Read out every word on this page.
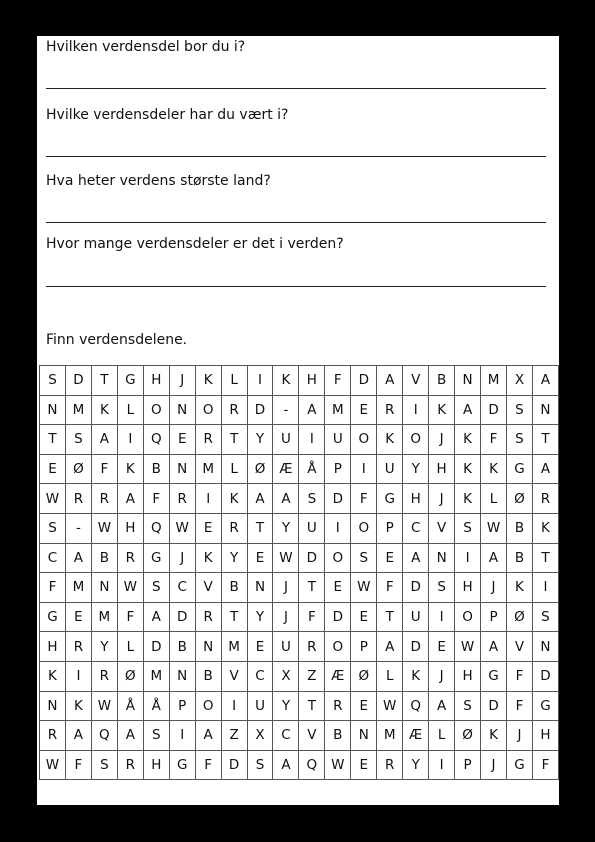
Hvilken verdensdel bor du i?
Hvilke verdensdeler har du vært i?
Hva heter verdens største land?
Hvor mange verdensdeler er det i verden?
Finn verdensdelene.
S	D	T	G	H	J	K	L	I	K	H	F	D	A	V	B	N	M	X	A
N	M	K	L	O	N	O	R	D	-	A	M	E	R	I	K	A	D	S	N
T	S	A	I	Q	E	R	T	Y	U	I	U	O	K	O	J	K	F	S	T
E	Ø	F	K	B	N	M	L	Ø	Æ	Å	P	I	U	Y	H	K	K	G	A
W	R	R	A	F	R	I	K	A	A	S	D	F	G	H	J	K	L	Ø	R
S	-	W	H	Q	W	E	R	T	Y	U	I	O	P	C	V	S	W	B	K
C	A	B	R	G	J	K	Y	E	W	D	O	S	E	A	N	I	A	B	T
F	M	N	W	S	C	V	B	N	J	T	E	W	F	D	S	H	J	K	I
G	E	M	F	A	D	R	T	Y	J	F	D	E	T	U	I	O	P	Ø	S
H	R	Y	L	D	B	N	M	E	U	R	O	P	A	D	E	W	A	V	N
K	I	R	Ø	M	N	B	V	C	X	Z	Æ	Ø	L	K	J	H	G	F	D
N	K	W	Å	Å	P	O	I	U	Y	T	R	E	W	Q	A	S	D	F	G
R	A	Q	A	S	I	A	Z	X	C	V	B	N	M	Æ	L	Ø	K	J	H
W	F	S	R	H	G	F	D	S	A	Q	W	E	R	Y	I	P	J	G	F
